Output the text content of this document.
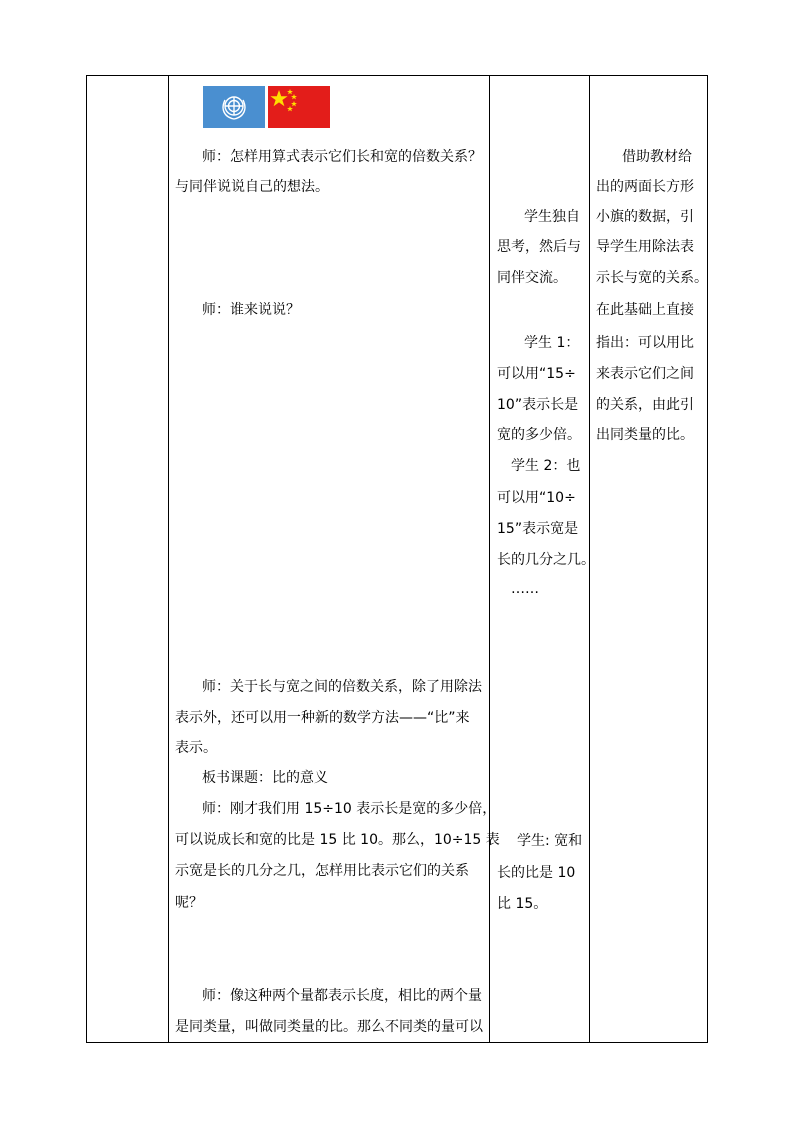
师：怎样用算式表示它们长和宽的倍数关系？
与同伴说说自己的想法。
师：谁来说说？
师：关于长与宽之间的倍数关系，除了用除法
表示外，还可以用一种新的数学方法——“比”来
表示。
板书课题：比的意义
师：刚才我们用 15÷10 表示长是宽的多少倍，
可以说成长和宽的比是 15 比 10。那么，10÷15 表
示宽是长的几分之几，怎样用比表示它们的关系
呢？
师：像这种两个量都表示长度，相比的两个量
是同类量，叫做同类量的比。那么不同类的量可以
学生独自
思考，然后与
同伴交流。
学生 1：
可以用“15÷
10”表示长是
宽的多少倍。
学生 2：也
可以用“10÷
15”表示宽是
长的几分之几。
……
学生: 宽和
长的比是 10
比 15。
借助教材给
出的两面长方形
小旗的数据，引
导学生用除法表
示长与宽的关系。
在此基础上直接
指出：可以用比
来表示它们之间
的关系，由此引
出同类量的比。
